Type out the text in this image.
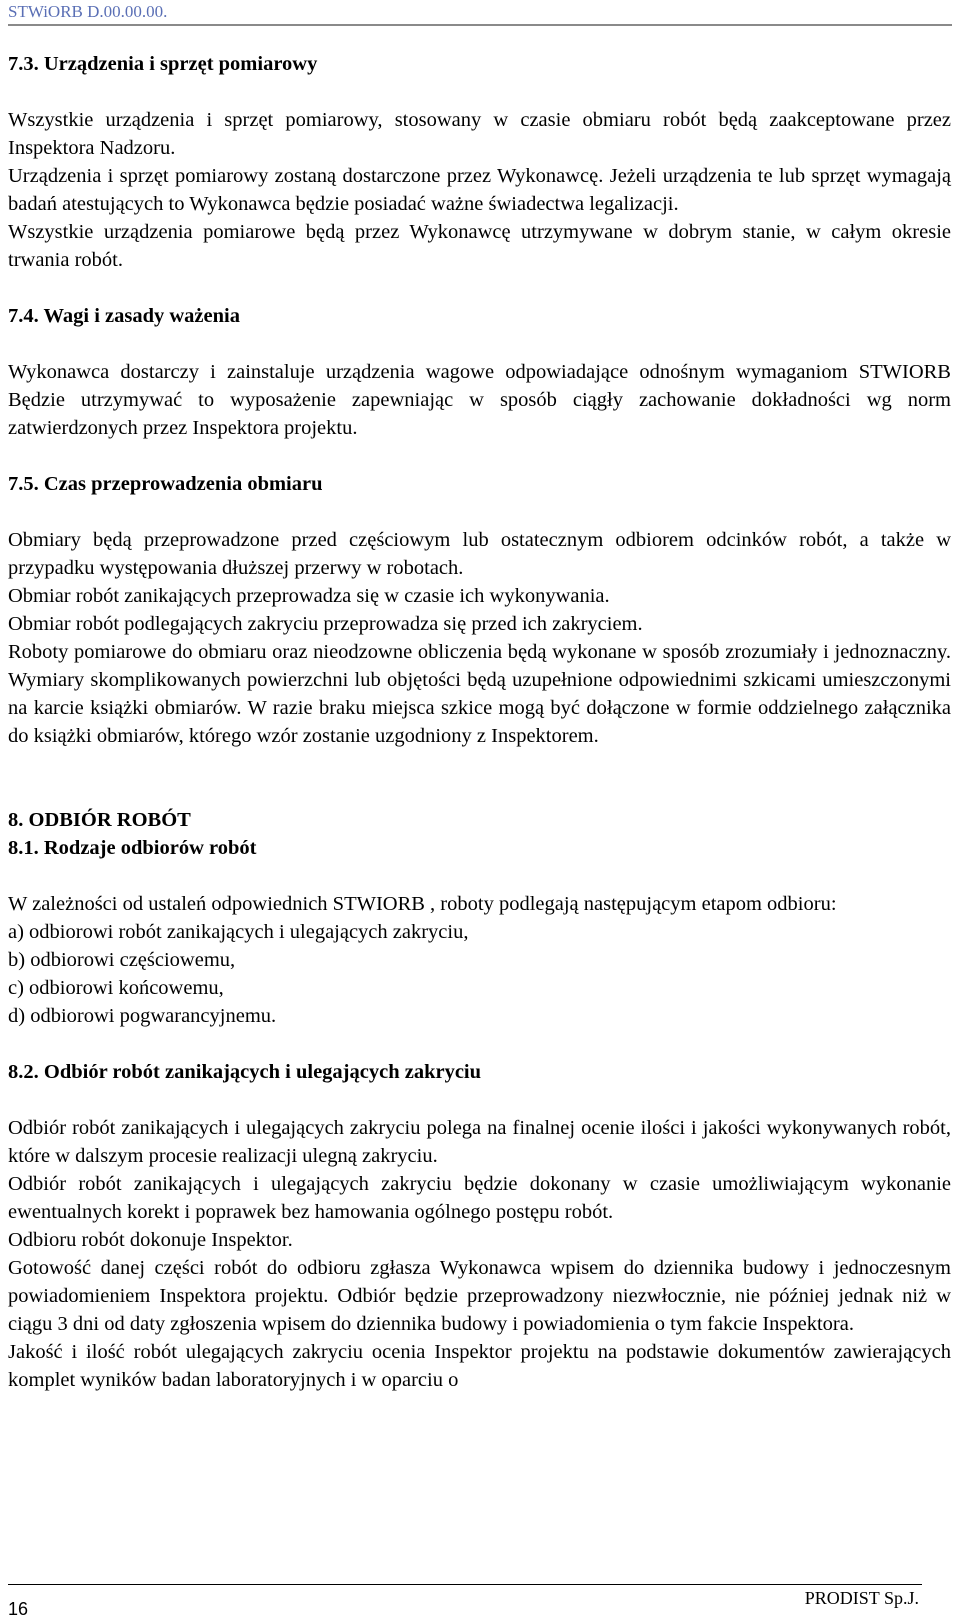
STWiORB D.00.00.00.
7.3. Urządzenia i sprzęt pomiarowy

Wszystkie urządzenia i sprzęt pomiarowy, stosowany w czasie obmiaru robót będą zaakceptowane przez Inspektora Nadzoru.

Urządzenia i sprzęt pomiarowy zostaną dostarczone przez Wykonawcę. Jeżeli urządzenia te lub sprzęt wymagają badań atestujących to Wykonawca będzie posiadać ważne świadectwa legalizacji.

Wszystkie urządzenia pomiarowe będą przez Wykonawcę utrzymywane w dobrym stanie, w całym okresie trwania robót.

7.4. Wagi i zasady ważenia

Wykonawca dostarczy i zainstaluje urządzenia wagowe odpowiadające odnośnym wymaganiom STWIORB Będzie utrzymywać to wyposażenie zapewniając w sposób ciągły zachowanie dokładności wg norm zatwierdzonych przez Inspektora projektu.

7.5. Czas przeprowadzenia obmiaru

Obmiary będą przeprowadzone przed częściowym lub ostatecznym odbiorem odcinków robót, a także w przypadku występowania dłuższej przerwy w robotach.

Obmiar robót zanikających przeprowadza się w czasie ich wykonywania.

Obmiar robót podlegających zakryciu przeprowadza się przed ich zakryciem.

Roboty pomiarowe do obmiaru oraz nieodzowne obliczenia będą wykonane w sposób zrozumiały i jednoznaczny. Wymiary skomplikowanych powierzchni lub objętości będą uzupełnione odpowiednimi szkicami umieszczonymi na karcie książki obmiarów. W razie braku miejsca szkice mogą być dołączone w formie oddzielnego załącznika do książki obmiarów, którego wzór zostanie uzgodniony z Inspektorem.

8. ODBIÓR ROBÓT
8.1. Rodzaje odbiorów robót

W zależności od ustaleń odpowiednich STWIORB , roboty podlegają następującym etapom odbioru:

a) odbiorowi robót zanikających i ulegających zakryciu,

b) odbiorowi częściowemu,

c) odbiorowi końcowemu,

d) odbiorowi pogwarancyjnemu.

8.2. Odbiór robót zanikających i ulegających zakryciu

Odbiór robót zanikających i ulegających zakryciu polega na finalnej ocenie ilości i jakości wykonywanych robót, które w dalszym procesie realizacji ulegną zakryciu.

Odbiór robót zanikających i ulegających zakryciu będzie dokonany w czasie umożliwiającym wykonanie ewentualnych korekt i poprawek bez hamowania ogólnego postępu robót.

Odbioru robót dokonuje Inspektor.

Gotowość danej części robót do odbioru zgłasza Wykonawca wpisem do dziennika budowy i jednoczesnym powiadomieniem Inspektora projektu. Odbiór będzie przeprowadzony niezwłocznie, nie później jednak niż w ciągu 3 dni od daty zgłoszenia wpisem do dziennika budowy i powiadomienia o tym fakcie Inspektora.

Jakość i ilość robót ulegających zakryciu ocenia Inspektor projektu na podstawie dokumentów zawierających komplet wyników badan laboratoryjnych i w oparciu o

16
PRODIST Sp.J.
